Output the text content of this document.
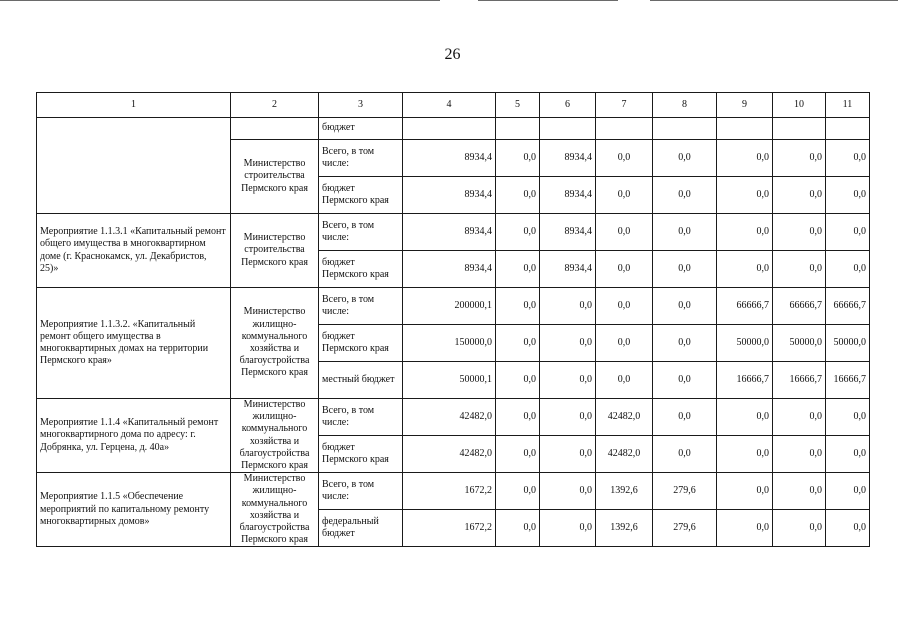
26
1	2	3	4	5	6	7	8	9	10	11
		бюджет								
	Министерство строительства Пермского края	Всего, в том числе:	8934,4	0,0	8934,4	0,0	0,0	0,0	0,0	0,0
		бюджет Пермского края	8934,4	0,0	8934,4	0,0	0,0	0,0	0,0	0,0
Мероприятие 1.1.3.1 «Капитальный ремонт общего имущества в многоквартирном доме (г. Краснокамск, ул. Декабристов, 25)»	Министерство строительства Пермского края	Всего, в том числе:	8934,4	0,0	8934,4	0,0	0,0	0,0	0,0	0,0
		бюджет Пермского края	8934,4	0,0	8934,4	0,0	0,0	0,0	0,0	0,0
Мероприятие 1.1.3.2. «Капитальный ремонт общего имущества в многоквартирных домах на территории Пермского края»	Министерство жилищно-коммунального хозяйства и благоустройства Пермского края	Всего, в том числе:	200000,1	0,0	0,0	0,0	0,0	66666,7	66666,7	66666,7
		бюджет Пермского края	150000,0	0,0	0,0	0,0	0,0	50000,0	50000,0	50000,0
		местный бюджет	50000,1	0,0	0,0	0,0	0,0	16666,7	16666,7	16666,7
Мероприятие 1.1.4 «Капитальный ремонт многоквартирного дома по адресу: г. Добрянка, ул. Герцена, д. 40а»	Министерство жилищно-коммунального хозяйства и благоустройства Пермского края	Всего, в том числе:	42482,0	0,0	0,0	42482,0	0,0	0,0	0,0	0,0
		бюджет Пермского края	42482,0	0,0	0,0	42482,0	0,0	0,0	0,0	0,0
Мероприятие 1.1.5 «Обеспечение мероприятий по капитальному ремонту многоквартирных домов»	Министерство жилищно-коммунального хозяйства и благоустройства Пермского края	Всего, в том числе:	1672,2	0,0	0,0	1392,6	279,6	0,0	0,0	0,0
		федеральный бюджет	1672,2	0,0	0,0	1392,6	279,6	0,0	0,0	0,0
